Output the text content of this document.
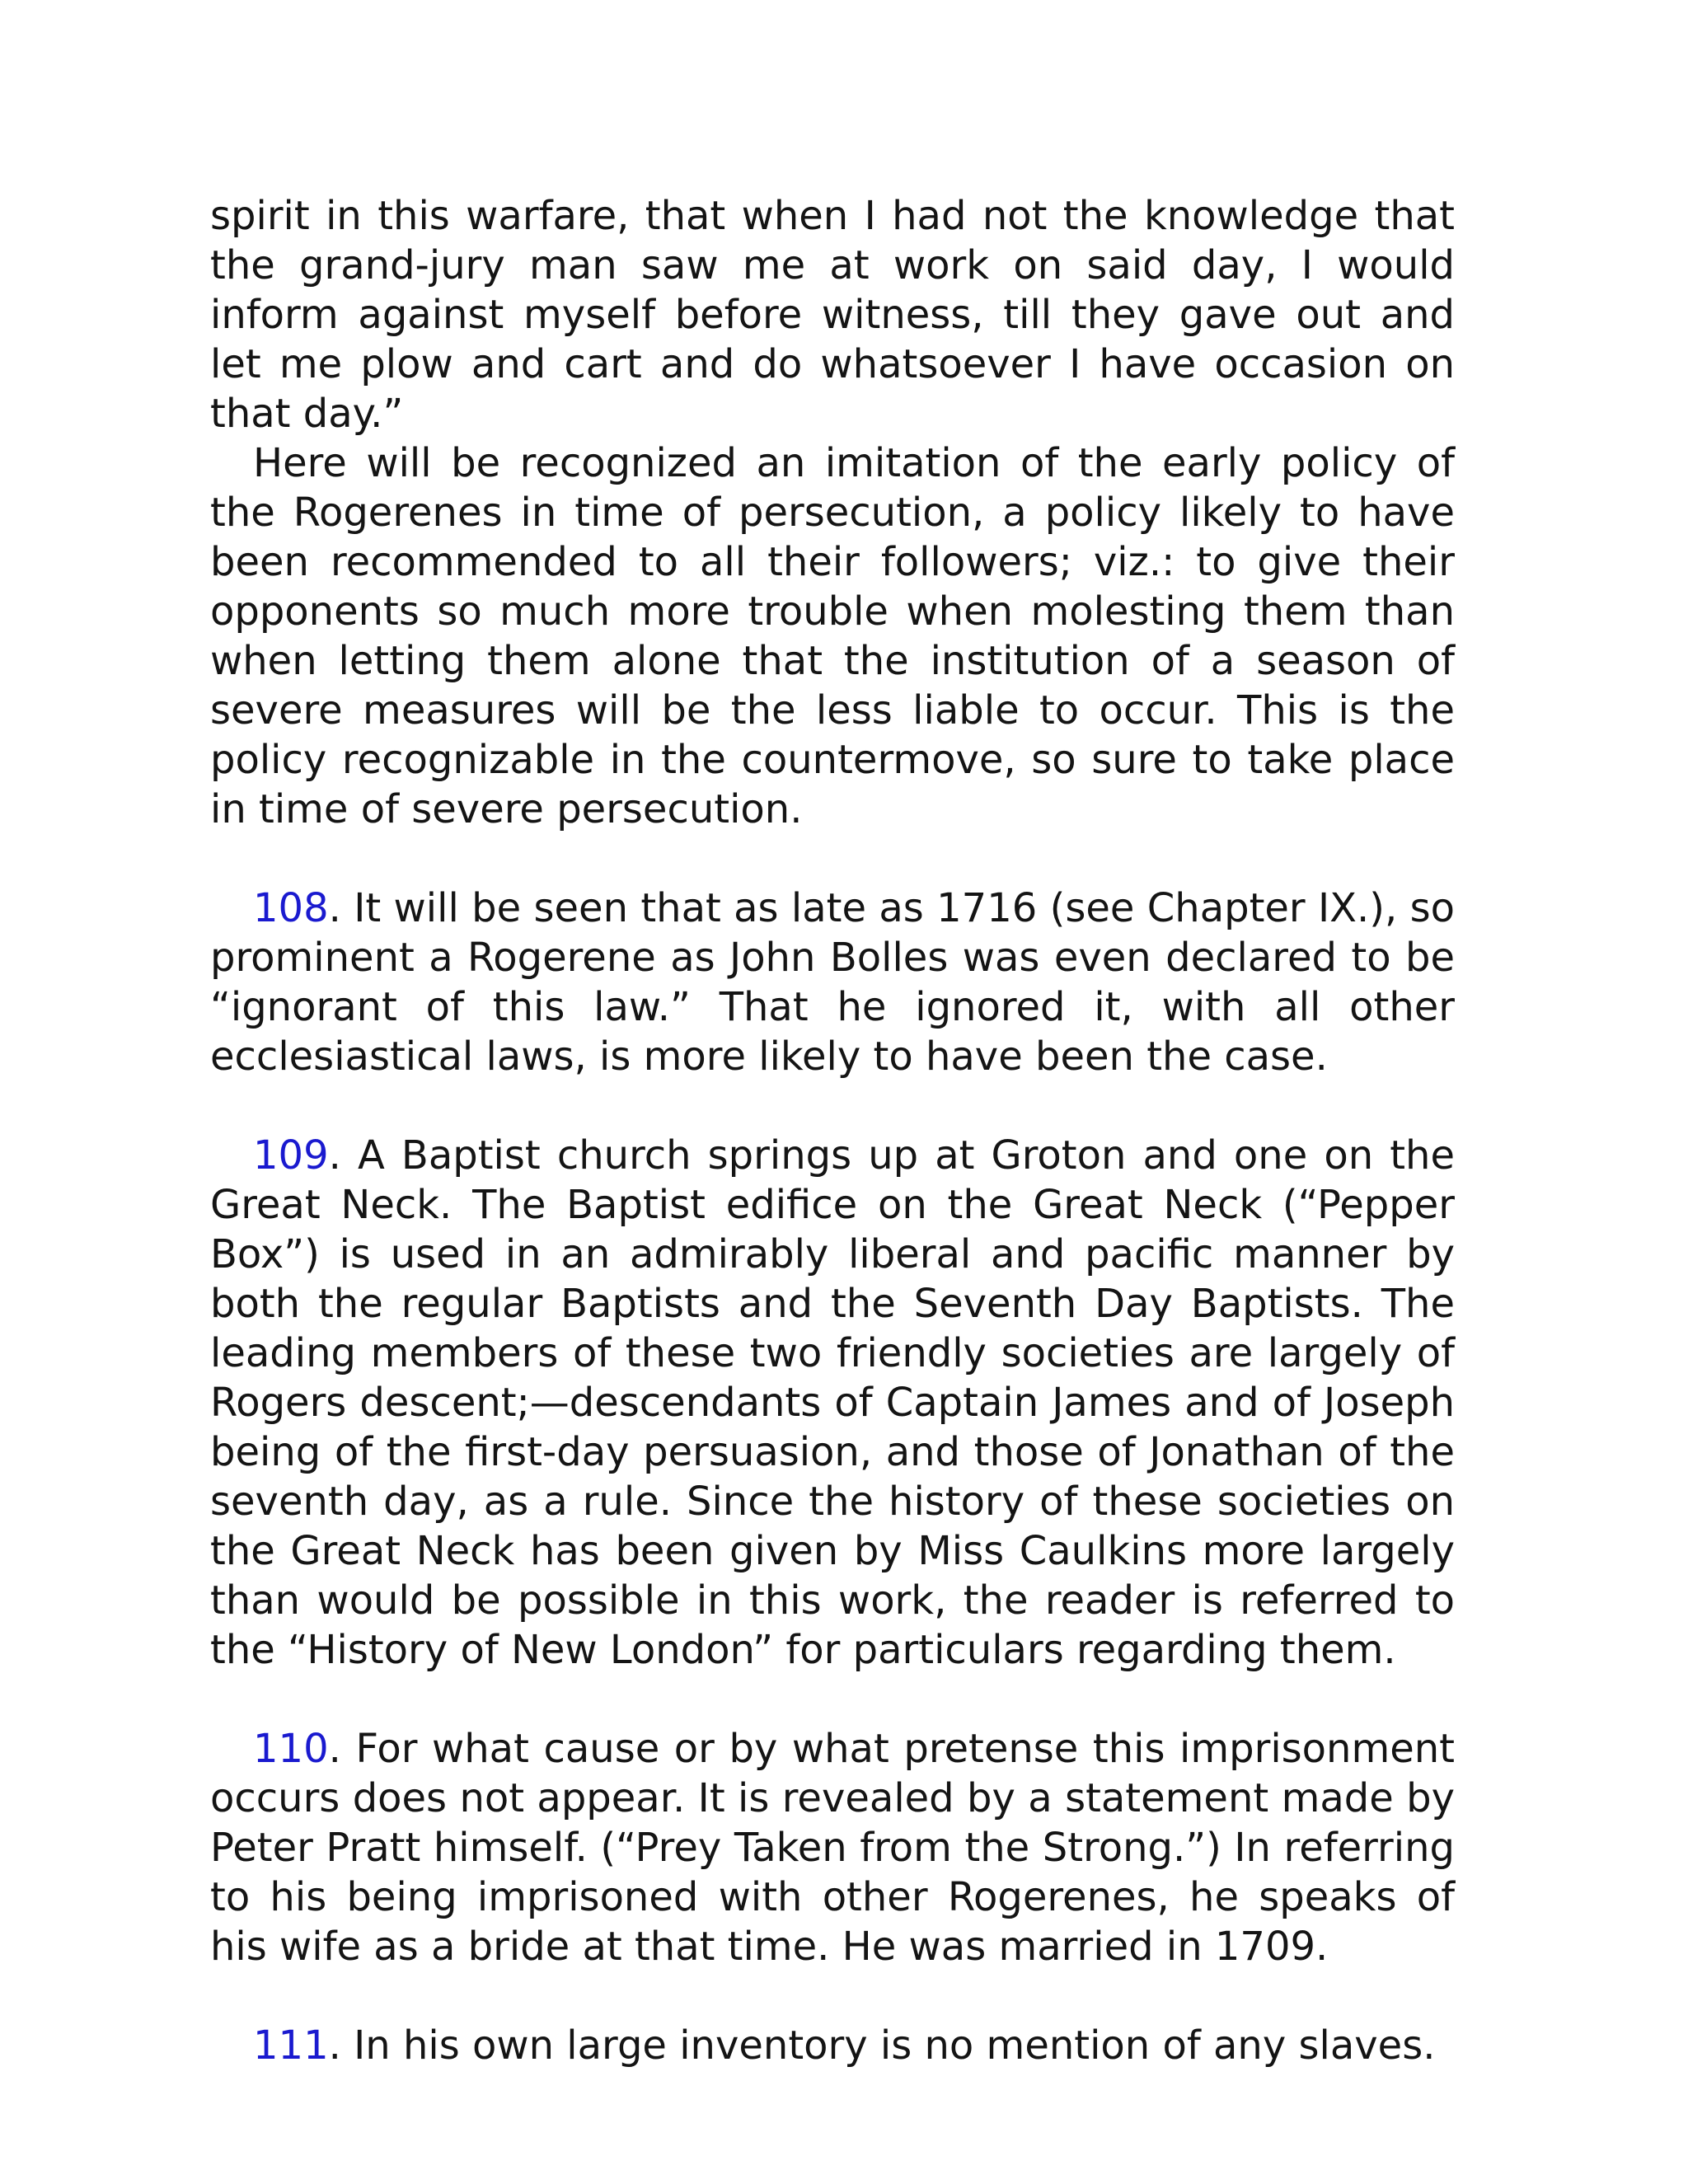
spirit in this warfare, that when I had not the knowledge that the grand-jury man saw me at work on said day, I would inform against myself before witness, till they gave out and let me plow and cart and do whatsoever I have occasion on that day.”

Here will be recognized an imitation of the early policy of the Rogerenes in time of persecution, a policy likely to have been recommended to all their followers; viz.: to give their opponents so much more trouble when molesting them than when letting them alone that the institution of a season of severe measures will be the less liable to occur. This is the policy recognizable in the countermove, so sure to take place in time of severe persecution.

108. It will be seen that as late as 1716 (see Chapter IX.), so prominent a Rogerene as John Bolles was even declared to be “ignorant of this law.” That he ignored it, with all other ecclesiastical laws, is more likely to have been the case.

109. A Baptist church springs up at Groton and one on the Great Neck. The Baptist edifice on the Great Neck (“Pepper Box”) is used in an admirably liberal and pacific manner by both the regular Baptists and the Seventh Day Baptists. The leading members of these two friendly societies are largely of Rogers descent;—descendants of Captain James and of Joseph being of the first-day persuasion, and those of Jonathan of the seventh day, as a rule. Since the history of these societies on the Great Neck has been given by Miss Caulkins more largely than would be possible in this work, the reader is referred to the “History of New London” for particulars regarding them.

110. For what cause or by what pretense this imprisonment occurs does not appear. It is revealed by a statement made by Peter Pratt himself. (“Prey Taken from the Strong.”) In referring to his being imprisoned with other Rogerenes, he speaks of his wife as a bride at that time. He was married in 1709.

111. In his own large inventory is no mention of any slaves.
